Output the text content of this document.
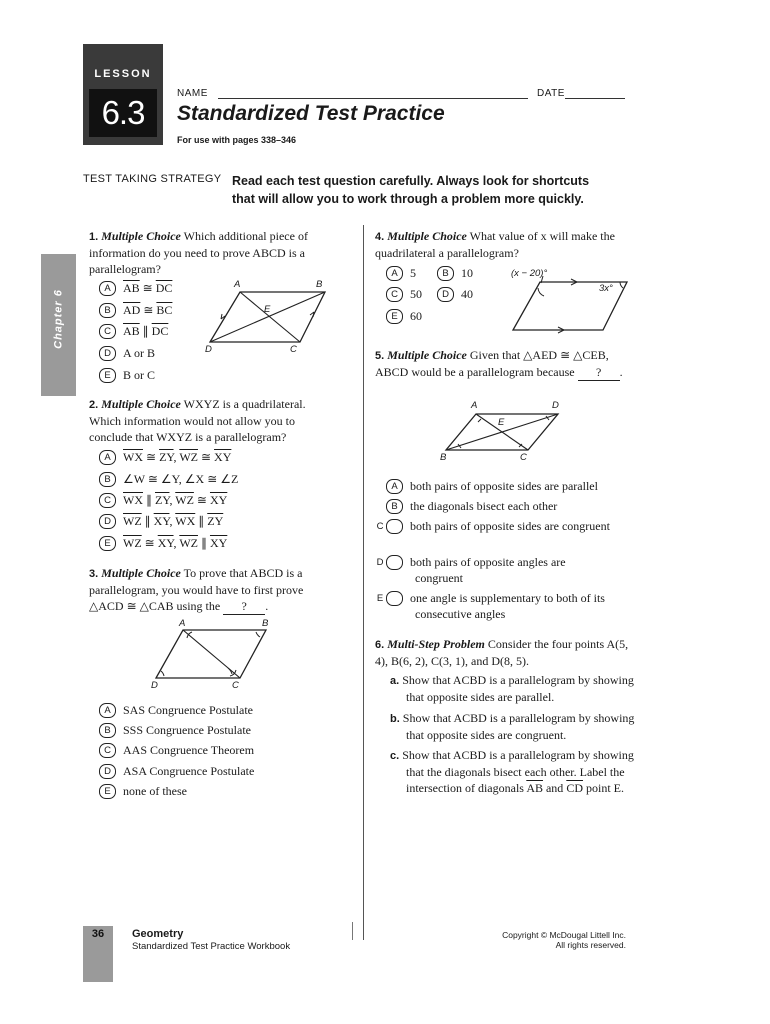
LESSON
6.3
NAME	DATE
Standardized Test Practice
For use with pages 338–346
TEST TAKING STRATEGY Read each test question carefully. Always look for shortcuts that will allow you to work through a problem more quickly.
Chapter 6
1. Multiple Choice Which additional piece of information do you need to prove ABCD is a parallelogram?
A $\overline{AB}$ ≅ $\overline{DC}$
B $\overline{AD}$ ≅ $\overline{BC}$
C $\overline{AB}$ ∥ $\overline{DC}$
D A or B
E B or C
A	B
C
D
E
2. Multiple Choice WXYZ is a quadrilateral. Which information would not allow you to conclude that WXYZ is a parallelogram?
A $\overline{WX}$ ≅ $\overline{ZY}$, $\overline{WZ}$ ≅ $\overline{XY}$
B ∠W ≅ ∠Y, ∠X ≅ ∠Z
C $\overline{WX}$ ∥ $\overline{ZY}$, $\overline{WZ}$ ≅ $\overline{XY}$
D $\overline{WZ}$ ∥ $\overline{XY}$, $\overline{WX}$ ∥ $\overline{ZY}$
E $\overline{WZ}$ ≅ $\overline{XY}$, $\overline{WZ}$ ∥ $\overline{XY}$
3. Multiple Choice To prove that ABCD is a parallelogram, you would have to first prove △ACD ≅ △CAB using the ? .
A	B
C
D
A SAS Congruence Postulate
B SSS Congruence Postulate
C AAS Congruence Theorem
D ASA Congruence Postulate
E none of these
4. Multiple Choice What value of x will make the quadrilateral a parallelogram?
A 5	B 10
C 50	D 40
E 60
(x − 20)°
3x°
5. Multiple Choice Given that △AED ≅ △CEB, ABCD would be a parallelogram because ? .
A	D
B	C
E
A both pairs of opposite sides are parallel
B the diagonals bisect each other
C both pairs of opposite sides are congruent
D both pairs of opposite angles are congruent
E one angle is supplementary to both of its consecutive angles
6. Multi-Step Problem Consider the four points A(5, 4), B(6, 2), C(3, 1), and D(8, 5).
a. Show that ACBD is a parallelogram by showing that opposite sides are parallel.
b. Show that ACBD is a parallelogram by showing that opposite sides are congruent.
c. Show that ACBD is a parallelogram by showing that the diagonals bisect each other. Label the intersection of diagonals $\overline{AB}$ and $\overline{CD}$ point E.
36	Geometry
Standardized Test Practice Workbook
Copyright © McDougal Littell Inc.
All rights reserved.
